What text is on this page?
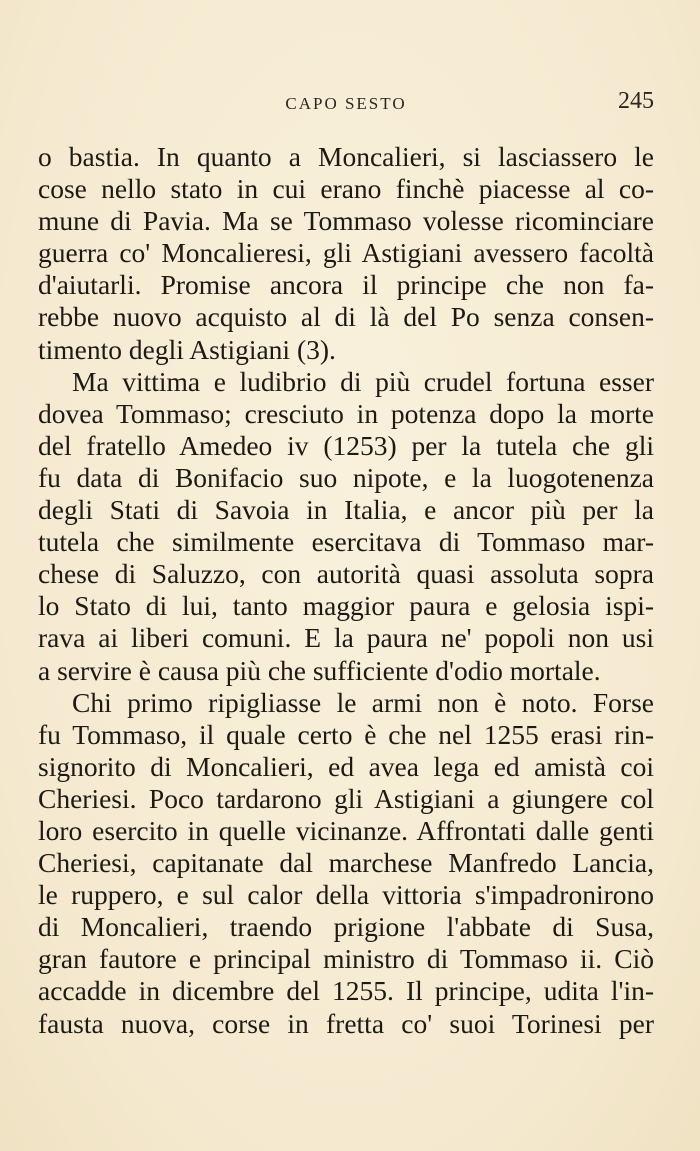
CAPO SESTO	245
o bastia. In quanto a Moncalieri, si lasciassero le
cose nello stato in cui erano finchè piacesse al co-
mune di Pavia. Ma se Tommaso volesse ricominciare
guerra co' Moncalieresi, gli Astigiani avessero facoltà
d'aiutarli. Promise ancora il principe che non fa-
rebbe nuovo acquisto al di là del Po senza consen-
timento degli Astigiani (3).
Ma vittima e ludibrio di più crudel fortuna esser
dovea Tommaso; cresciuto in potenza dopo la morte
del fratello Amedeo iv (1253) per la tutela che gli
fu data di Bonifacio suo nipote, e la luogotenenza
degli Stati di Savoia in Italia, e ancor più per la
tutela che similmente esercitava di Tommaso mar-
chese di Saluzzo, con autorità quasi assoluta sopra
lo Stato di lui, tanto maggior paura e gelosia ispi-
rava ai liberi comuni. E la paura ne' popoli non usi
a servire è causa più che sufficiente d'odio mortale.
Chi primo ripigliasse le armi non è noto. Forse
fu Tommaso, il quale certo è che nel 1255 erasi rin-
signorito di Moncalieri, ed avea lega ed amistà coi
Cheriesi. Poco tardarono gli Astigiani a giungere col
loro esercito in quelle vicinanze. Affrontati dalle genti
Cheriesi, capitanate dal marchese Manfredo Lancia,
le ruppero, e sul calor della vittoria s'impadronirono
di Moncalieri, traendo prigione l'abbate di Susa,
gran fautore e principal ministro di Tommaso ii. Ciò
accadde in dicembre del 1255. Il principe, udita l'in-
fausta nuova, corse in fretta co' suoi Torinesi per
